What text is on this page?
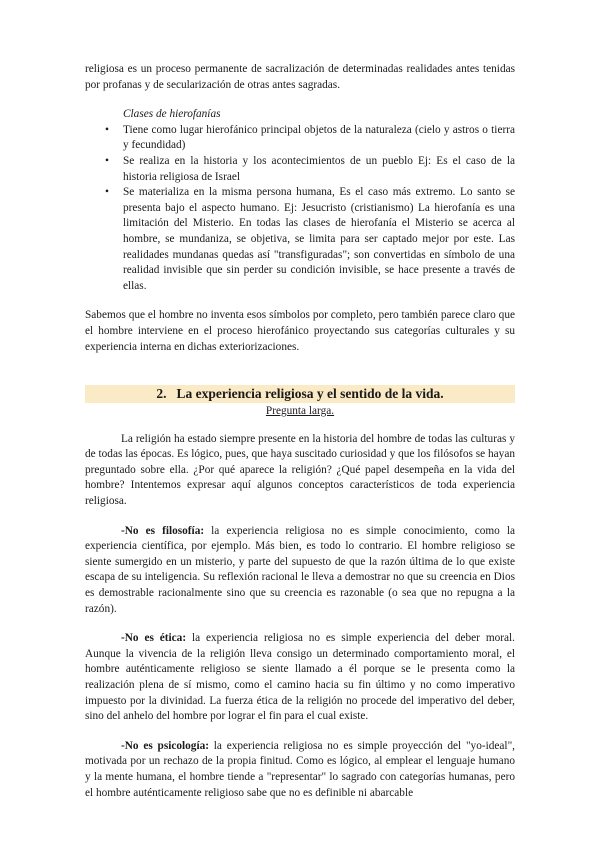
religiosa es un proceso permanente de sacralización de determinadas realidades antes tenidas por profanas y de secularización de otras antes sagradas.

Clases de hierofanías

• Tiene como lugar hierofánico principal objetos de la naturaleza (cielo y astros o tierra y fecundidad)
• Se realiza en la historia y los acontecimientos de un pueblo Ej: Es el caso de la historia religiosa de Israel
• Se materializa en la misma persona humana, Es el caso más extremo. Lo santo se presenta bajo el aspecto humano. Ej: Jesucristo (cristianismo) La hierofanía es una limitación del Misterio. En todas las clases de hierofanía el Misterio se acerca al hombre, se mundaniza, se objetiva, se limita para ser captado mejor por este. Las realidades mundanas quedas así "transfiguradas"; son convertidas en símbolo de una realidad invisible que sin perder su condición invisible, se hace presente a través de ellas.

Sabemos que el hombre no inventa esos símbolos por completo, pero también parece claro que el hombre interviene en el proceso hierofánico proyectando sus categorías culturales y su experiencia interna en dichas exteriorizaciones.

2. La experiencia religiosa y el sentido de la vida.
Pregunta larga.

La religión ha estado siempre presente en la historia del hombre de todas las culturas y de todas las épocas. Es lógico, pues, que haya suscitado curiosidad y que los filósofos se hayan preguntado sobre ella. ¿Por qué aparece la religión? ¿Qué papel desempeña en la vida del hombre? Intentemos expresar aquí algunos conceptos característicos de toda experiencia religiosa.

-No es filosofía: la experiencia religiosa no es simple conocimiento, como la experiencia científica, por ejemplo. Más bien, es todo lo contrario. El hombre religioso se siente sumergido en un misterio, y parte del supuesto de que la razón última de lo que existe escapa de su inteligencia. Su reflexión racional le lleva a demostrar no que su creencia en Dios es demostrable racionalmente sino que su creencia es razonable (o sea que no repugna a la razón).

-No es ética: la experiencia religiosa no es simple experiencia del deber moral. Aunque la vivencia de la religión lleva consigo un determinado comportamiento moral, el hombre auténticamente religioso se siente llamado a él porque se le presenta como la realización plena de sí mismo, como el camino hacia su fin último y no como imperativo impuesto por la divinidad. La fuerza ética de la religión no procede del imperativo del deber, sino del anhelo del hombre por lograr el fin para el cual existe.

-No es psicología: la experiencia religiosa no es simple proyección del "yo-ideal", motivada por un rechazo de la propia finitud. Como es lógico, al emplear el lenguaje humano y la mente humana, el hombre tiende a "representar" lo sagrado con categorías humanas, pero el hombre auténticamente religioso sabe que no es definible ni abarcable
